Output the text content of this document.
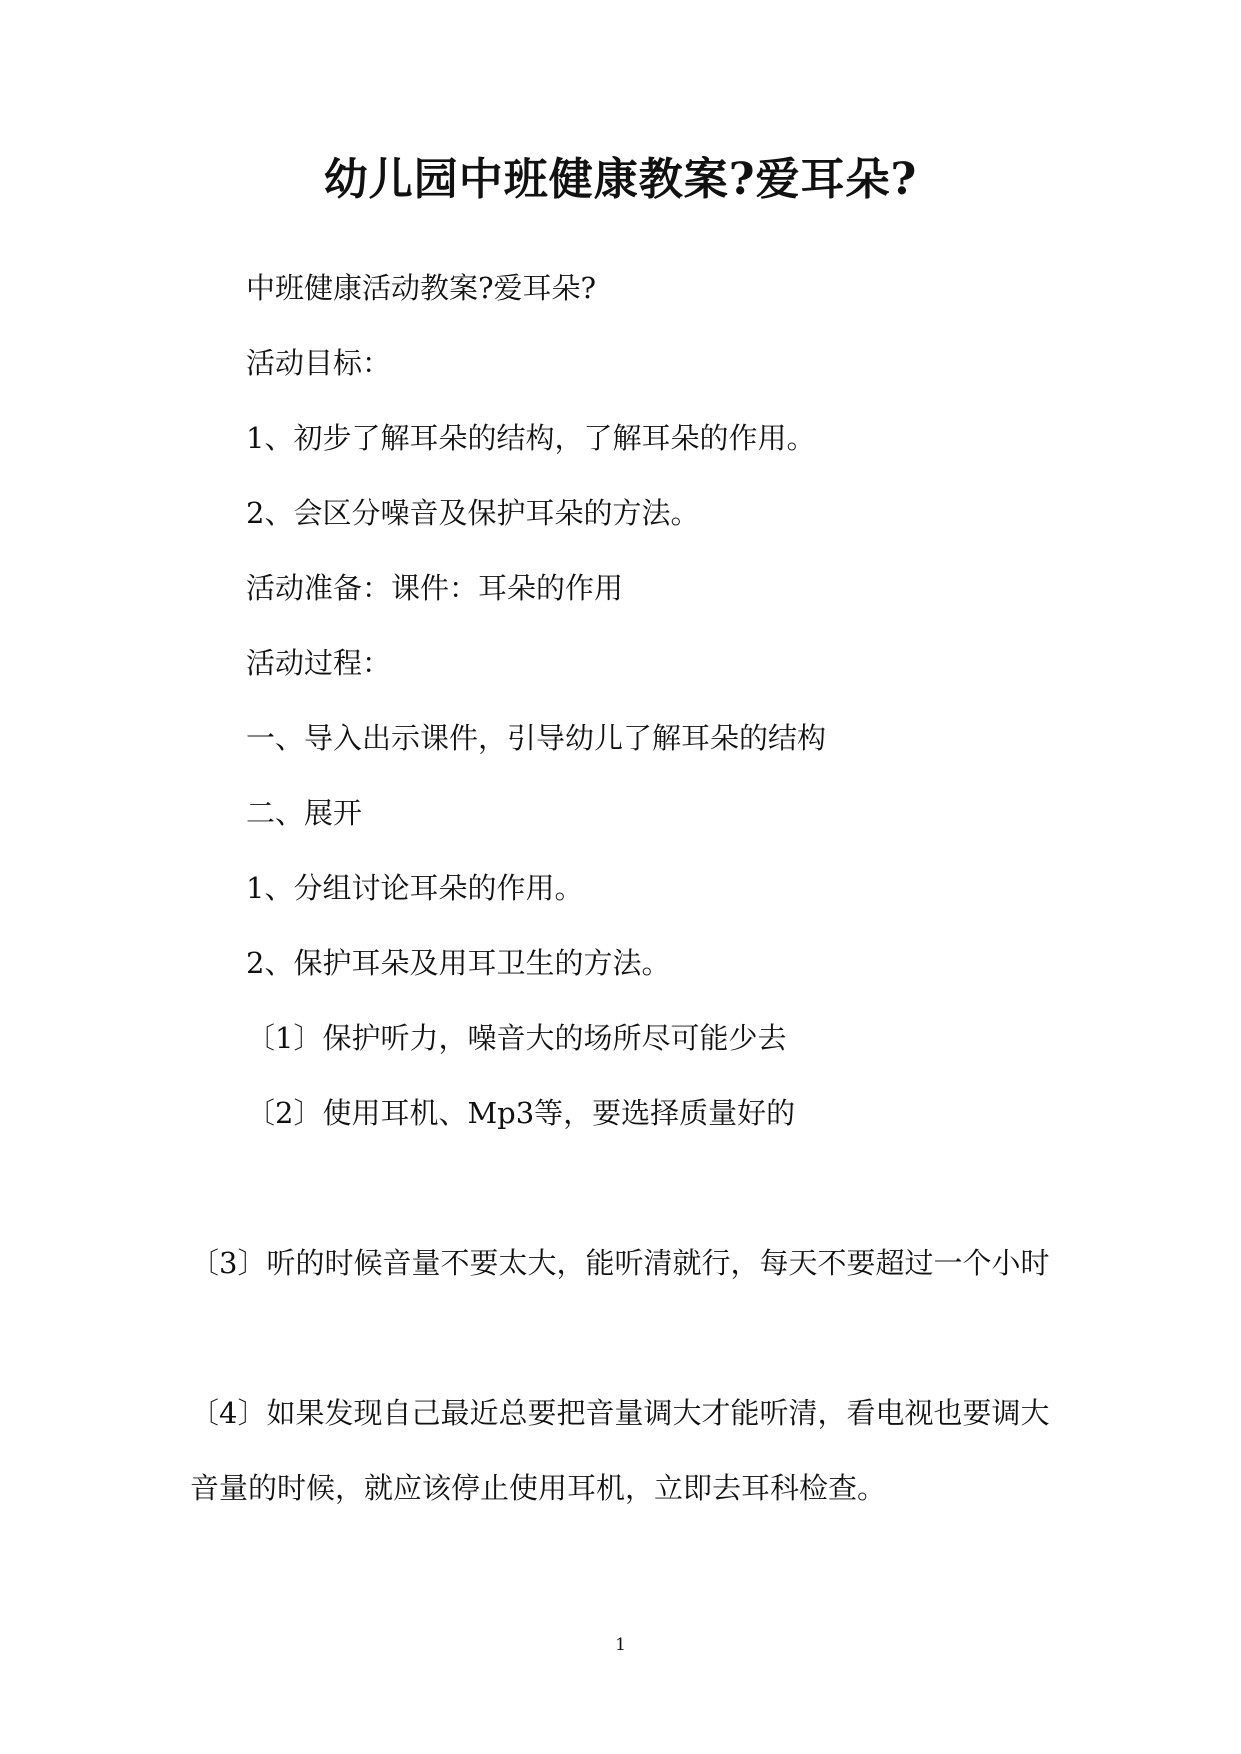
幼儿园中班健康教案?爱耳朵?
中班健康活动教案?爱耳朵?
活动目标：
1、初步了解耳朵的结构，了解耳朵的作用。
2、会区分噪音及保护耳朵的方法。
活动准备：课件：耳朵的作用
活动过程：
一、导入出示课件，引导幼儿了解耳朵的结构
二、展开
1、分组讨论耳朵的作用。
2、保护耳朵及用耳卫生的方法。
〔1〕保护听力，噪音大的场所尽可能少去
〔2〕使用耳机、Mp3等，要选择质量好的
〔3〕听的时候音量不要太大，能听清就行，每天不要超过一个小时
〔4〕如果发现自己最近总要把音量调大才能听清，看电视也要调大
音量的时候，就应该停止使用耳机，立即去耳科检查。
1
